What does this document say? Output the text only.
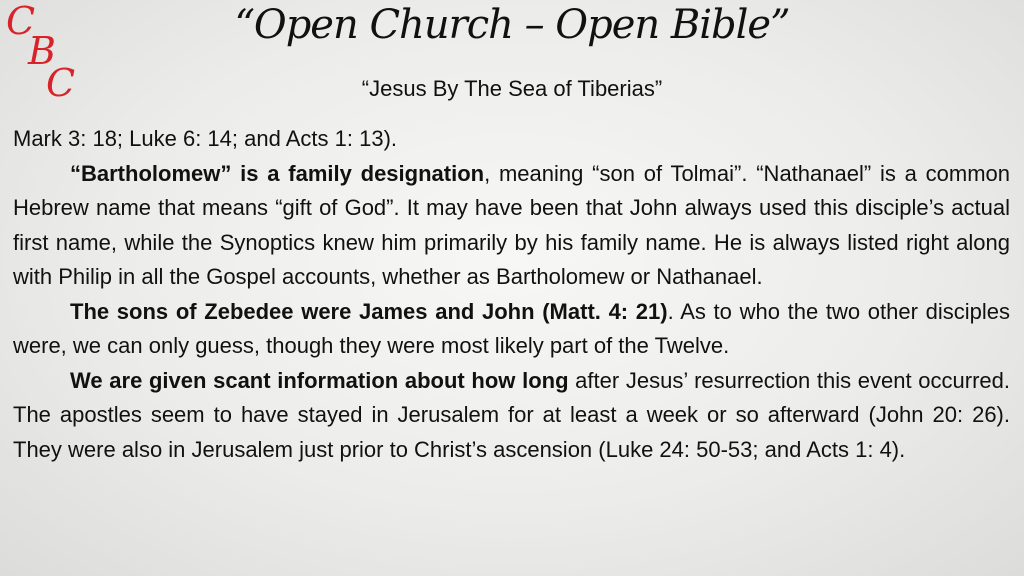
C
B
C
“Open Church – Open Bible”
“Jesus By The Sea of Tiberias”

Mark 3: 18; Luke 6: 14; and Acts 1: 13).

“Bartholomew” is a family designation, meaning “son of Tolmai”. “Nathanael” is a common Hebrew name that means “gift of God”. It may have been that John always used this disciple’s actual first name, while the Synoptics knew him primarily by his family name. He is always listed right along with Philip in all the Gospel accounts, whether as Bartholomew or Nathanael.

The sons of Zebedee were James and John (Matt. 4: 21). As to who the two other disciples were, we can only guess, though they were most likely part of the Twelve.

We are given scant information about how long after Jesus’ resurrection this event occurred. The apostles seem to have stayed in Jerusalem for at least a week or so afterward (John 20: 26). They were also in Jerusalem just prior to Christ’s ascension (Luke 24: 50-53; and Acts 1: 4).
